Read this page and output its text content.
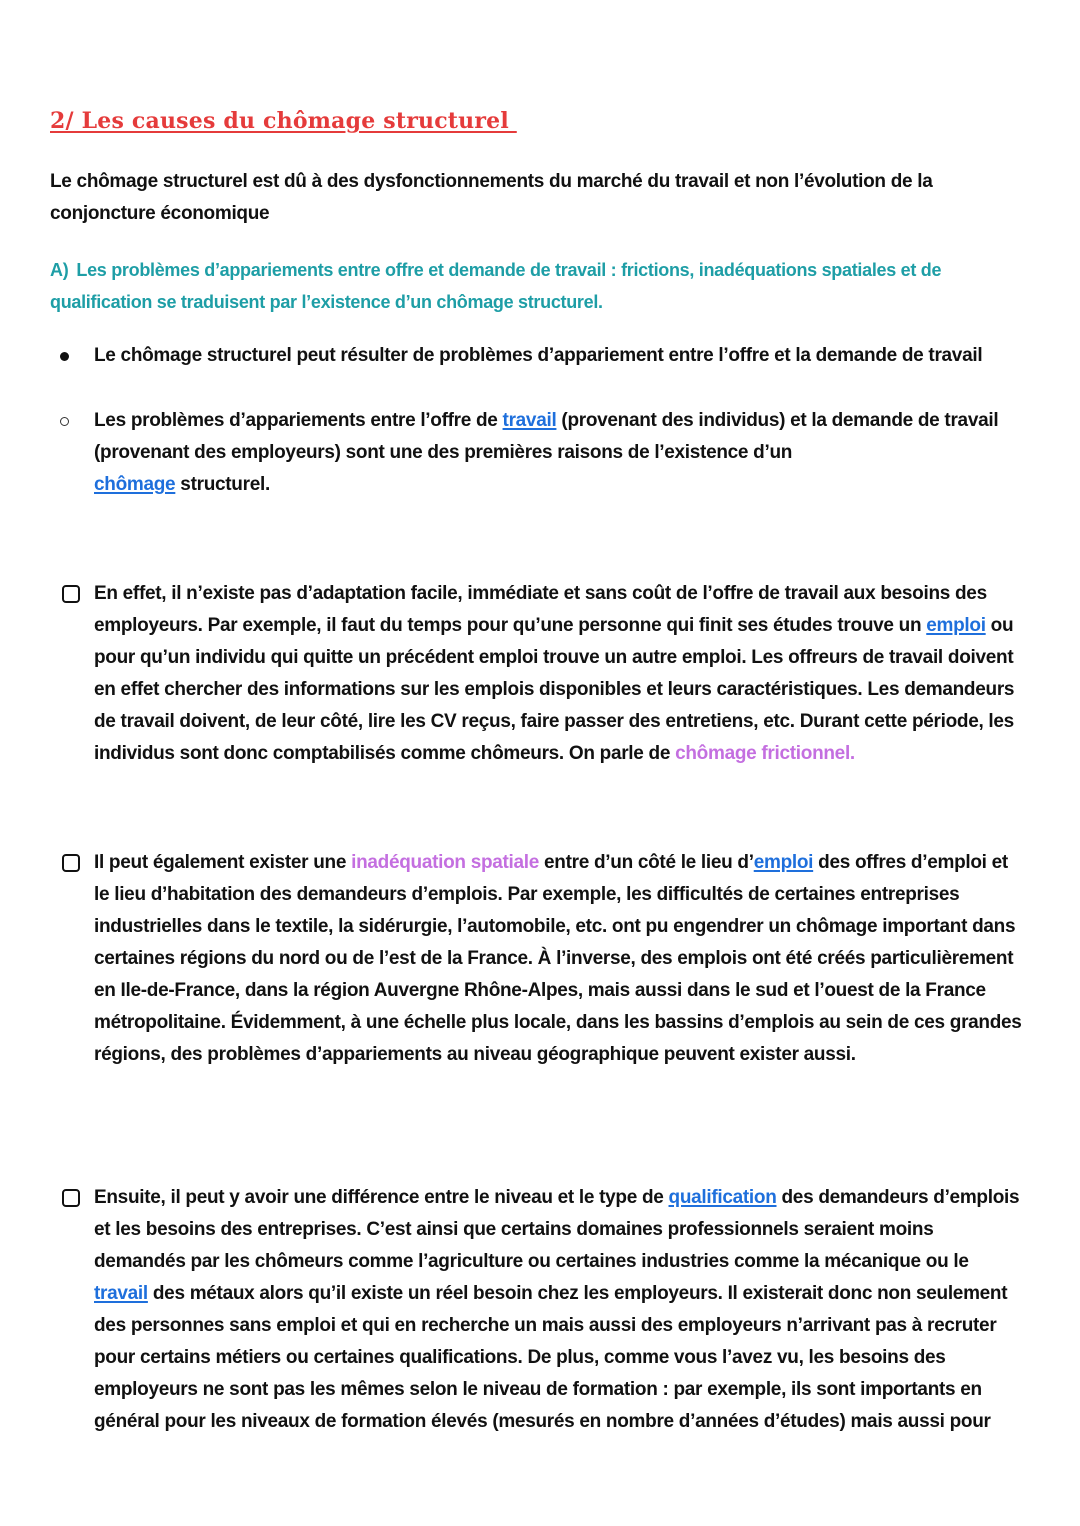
2/ Les causes du chômage structurel
Le chômage structurel est dû à des dysfonctionnements du marché du travail et non l’évolution de la conjoncture économique
A) Les problèmes d’appariements entre offre et demande de travail : frictions, inadéquations spatiales et de qualification se traduisent par l’existence d’un chômage structurel.
Le chômage structurel peut résulter de problèmes d’appariement entre l’offre et la demande de travail
Les problèmes d’appariements entre l’offre de travail (provenant des individus) et la demande de travail (provenant des employeurs) sont une des premières raisons de l’existence d’un
chômage structurel.
En effet, il n’existe pas d’adaptation facile, immédiate et sans coût de l’offre de travail aux besoins des employeurs. Par exemple, il faut du temps pour qu’une personne qui finit ses études trouve un emploi ou pour qu’un individu qui quitte un précédent emploi trouve un autre emploi. Les offreurs de travail doivent en effet chercher des informations sur les emplois disponibles et leurs caractéristiques. Les demandeurs de travail doivent, de leur côté, lire les CV reçus, faire passer des entretiens, etc. Durant cette période, les individus sont donc comptabilisés comme chômeurs. On parle de chômage frictionnel.
Il peut également exister une inadéquation spatiale entre d’un côté le lieu d’emploi des offres d’emploi et le lieu d’habitation des demandeurs d’emplois. Par exemple, les difficultés de certaines entreprises industrielles dans le textile, la sidérurgie, l’automobile, etc. ont pu engendrer un chômage important dans certaines régions du nord ou de l’est de la France. À l’inverse, des emplois ont été créés particulièrement en Ile-de-France, dans la région Auvergne Rhône-Alpes, mais aussi dans le sud et l’ouest de la France métropolitaine. Évidemment, à une échelle plus locale, dans les bassins d’emplois au sein de ces grandes régions, des problèmes d’appariements au niveau géographique peuvent exister aussi.
Ensuite, il peut y avoir une différence entre le niveau et le type de qualification des demandeurs d’emplois et les besoins des entreprises. C’est ainsi que certains domaines professionnels seraient moins demandés par les chômeurs comme l’agriculture ou certaines industries comme la mécanique ou le travail des métaux alors qu’il existe un réel besoin chez les employeurs. Il existerait donc non seulement des personnes sans emploi et qui en recherche un mais aussi des employeurs n’arrivant pas à recruter pour certains métiers ou certaines qualifications. De plus, comme vous l’avez vu, les besoins des employeurs ne sont pas les mêmes selon le niveau de formation : par exemple, ils sont importants en général pour les niveaux de formation élevés (mesurés en nombre d’années d’études) mais aussi pour
